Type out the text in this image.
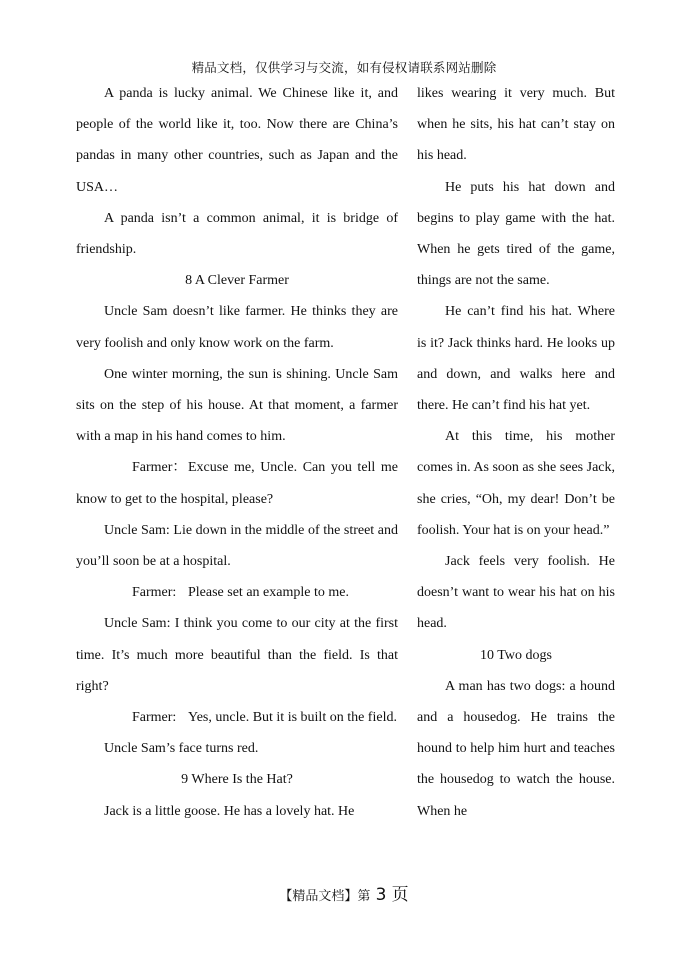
精品文档，仅供学习与交流，如有侵权请联系网站删除

A panda is lucky animal. We Chinese like it, and people of the world like it, too. Now there are China’s pandas in many other countries, such as Japan and the USA…

A panda isn’t a common animal, it is bridge of friendship.

8 A Clever Farmer

Uncle Sam doesn’t like farmer. He thinks they are very foolish and only know work on the farm.

One winter morning, the sun is shining. Uncle Sam sits on the step of his house. At that moment, a farmer with a map in his hand comes to him.

Farmer： Excuse me, Uncle. Can you tell me know to get to the hospital, please?

Uncle Sam: Lie down in the middle of the street and you’ll soon be at a hospital.

Farmer: Please set an example to me.

Uncle Sam: I think you come to our city at the first time. It’s much more beautiful than the field. Is that right?

Farmer: Yes, uncle. But it is built on the field.

Uncle Sam’s face turns red.

9 Where Is the Hat?

Jack is a little goose. He has a lovely hat. He

likes wearing it very much. But when he sits, his hat can’t stay on his head.

He puts his hat down and begins to play game with the hat. When he gets tired of the game, things are not the same.

He can’t find his hat. Where is it? Jack thinks hard. He looks up and down, and walks here and there. He can’t find his hat yet.

At this time, his mother comes in. As soon as she sees Jack, she cries, “Oh, my dear! Don’t be foolish. Your hat is on your head.”

Jack feels very foolish. He doesn’t want to wear his hat on his head.

10 Two dogs

A man has two dogs: a hound and a housedog. He trains the hound to help him hurt and teaches the housedog to watch the house. When he

【精品文档】第 3 页
